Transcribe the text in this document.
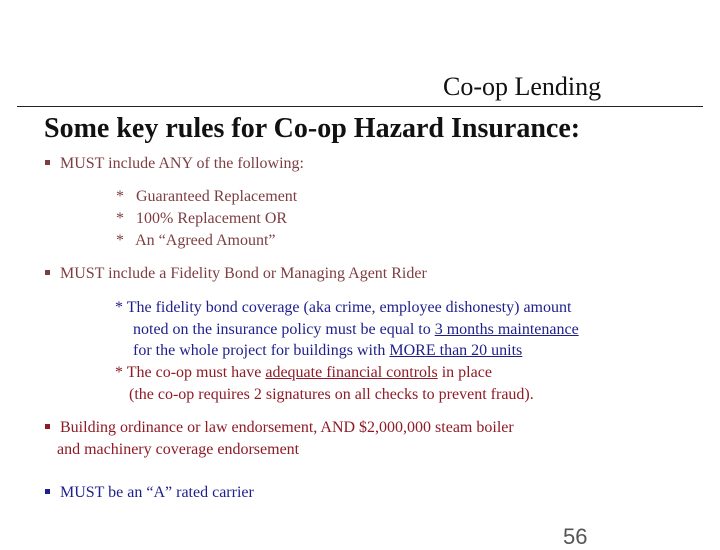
Co-op Lending
Some key rules for Co-op Hazard Insurance:
MUST include ANY of the following:
*   Guaranteed Replacement
*   100% Replacement OR
*   An “Agreed Amount”
MUST include a Fidelity Bond or Managing Agent Rider
* The fidelity bond coverage (aka crime, employee dishonesty) amount
noted on the insurance policy must be equal to 3 months maintenance
for the whole project for buildings with MORE than 20 units
* The co-op must have adequate financial controls in place
(the co-op requires 2 signatures on all checks to prevent fraud).
Building ordinance or law endorsement, AND $2,000,000 steam boiler
and machinery coverage endorsement
MUST be an “A” rated carrier
56
